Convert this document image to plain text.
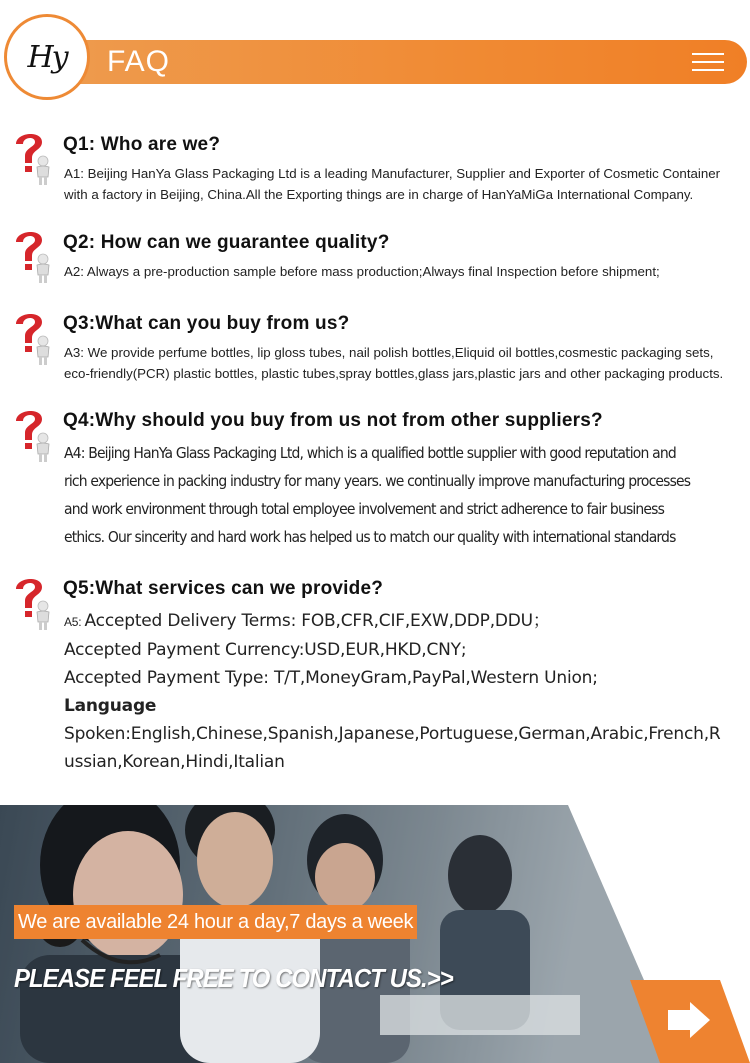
Hy FAQ
Q1: Who are we?

A1: Beijing HanYa Glass Packaging Ltd is a leading Manufacturer, Supplier and Exporter of Cosmetic Container

with a factory in Beijing, China.All the Exporting things are in charge of HanYaMiGa International Company.

Q2: How can we guarantee quality?

A2: Always a pre-production sample before mass production;Always final Inspection before shipment;

Q3:What can you buy from us?

A3: We provide perfume bottles, lip gloss tubes, nail polish bottles,Eliquid oil bottles,cosmestic packaging sets,

eco-friendly(PCR) plastic bottles, plastic tubes,spray bottles,glass jars,plastic jars and other packaging products.

Q4:Why should you buy from us not from other suppliers?

A4: Beijing HanYa Glass Packaging Ltd, which is a qualified bottle supplier with good reputation and

rich experience in packing industry for many years. we continually improve manufacturing processes

and work environment through total employee involvement and strict adherence to fair business

ethics. Our sincerity and hard work has helped us to match our quality with international standards

Q5:What services can we provide?

A5: Accepted Delivery Terms: FOB,CFR,CIF,EXW,DDP,DDU；

Accepted Payment Currency:USD,EUR,HKD,CNY;

Accepted Payment Type: T/T,MoneyGram,PayPal,Western Union;

Language

Spoken:English,Chinese,Spanish,Japanese,Portuguese,German,Arabic,French,R

ussian,Korean,Hindi,Italian

We are available 24 hour a day,7 days a week
PLEASE FEEL FREE TO CONTACT US.>>
